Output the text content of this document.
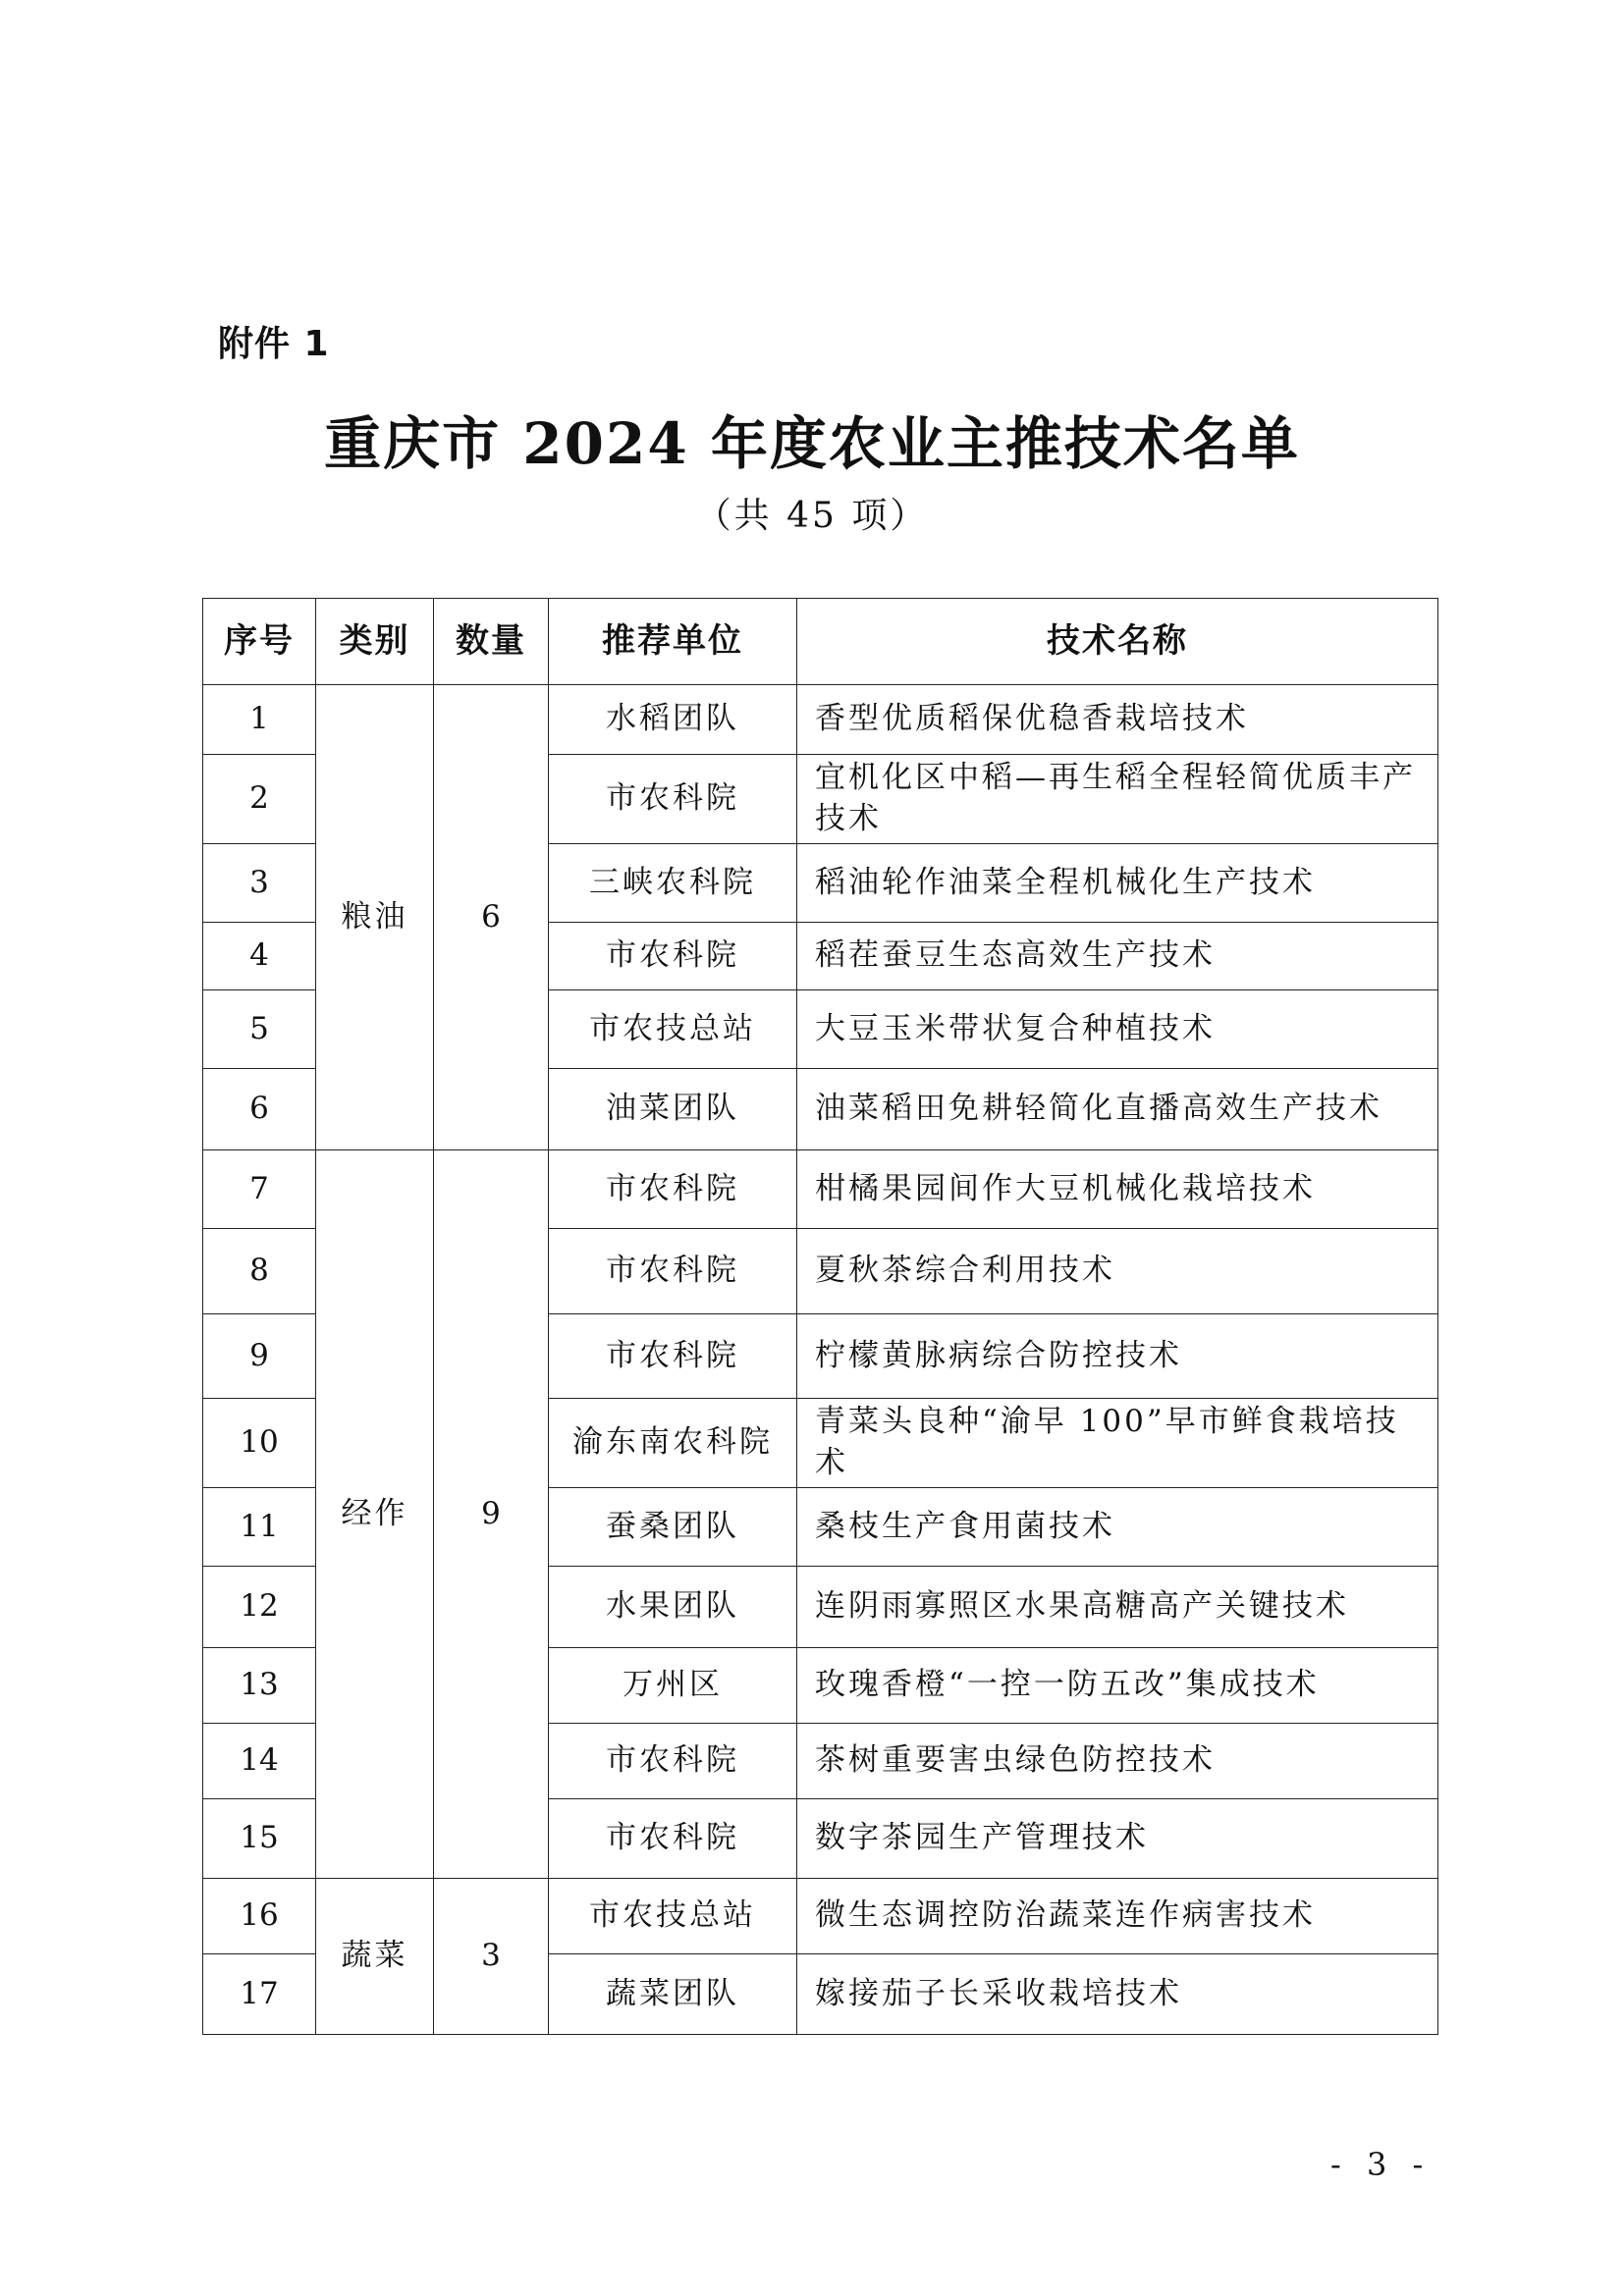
附件 1
重庆市 2024 年度农业主推技术名单
（共 45 项）
序号	类别	数量	推荐单位	技术名称
1	粮油	6	水稻团队	香型优质稻保优稳香栽培技术
2			市农科院	宜机化区中稻—再生稻全程轻简优质丰产技术
3			三峡农科院	稻油轮作油菜全程机械化生产技术
4			市农科院	稻茬蚕豆生态高效生产技术
5			市农技总站	大豆玉米带状复合种植技术
6			油菜团队	油菜稻田免耕轻简化直播高效生产技术
7	经作	9	市农科院	柑橘果园间作大豆机械化栽培技术
8			市农科院	夏秋茶综合利用技术
9			市农科院	柠檬黄脉病综合防控技术
10			渝东南农科院	青菜头良种“渝早 100”早市鲜食栽培技术
11			蚕桑团队	桑枝生产食用菌技术
12			水果团队	连阴雨寡照区水果高糖高产关键技术
13			万州区	玫瑰香橙“一控一防五改”集成技术
14			市农科院	茶树重要害虫绿色防控技术
15			市农科院	数字茶园生产管理技术
16	蔬菜	3	市农技总站	微生态调控防治蔬菜连作病害技术
17			蔬菜团队	嫁接茄子长采收栽培技术
- 3 -
